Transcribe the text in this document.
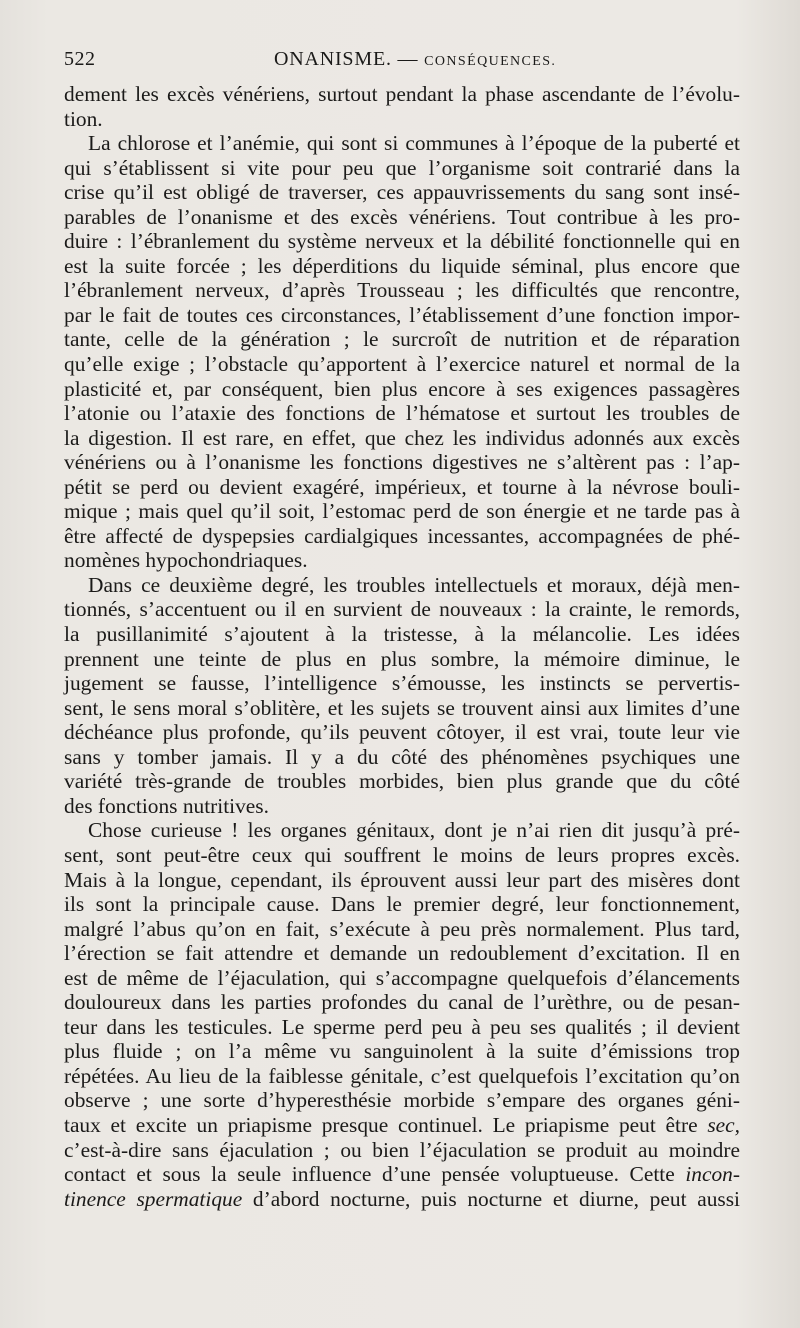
522	ONANISME. — CONSÉQUENCES.
dement les excès vénériens, surtout pendant la phase ascendante de l’évolu-
tion.
La chlorose et l’anémie, qui sont si communes à l’époque de la puberté et
qui s’établissent si vite pour peu que l’organisme soit contrarié dans la
crise qu’il est obligé de traverser, ces appauvrissements du sang sont insé-
parables de l’onanisme et des excès vénériens. Tout contribue à les pro-
duire : l’ébranlement du système nerveux et la débilité fonctionnelle qui en
est la suite forcée ; les déperditions du liquide séminal, plus encore que
l’ébranlement nerveux, d’après Trousseau ; les difficultés que rencontre,
par le fait de toutes ces circonstances, l’établissement d’une fonction impor-
tante, celle de la génération ; le surcroît de nutrition et de réparation
qu’elle exige ; l’obstacle qu’apportent à l’exercice naturel et normal de la
plasticité et, par conséquent, bien plus encore à ses exigences passagères
l’atonie ou l’ataxie des fonctions de l’hématose et surtout les troubles de
la digestion. Il est rare, en effet, que chez les individus adonnés aux excès
vénériens ou à l’onanisme les fonctions digestives ne s’altèrent pas : l’ap-
pétit se perd ou devient exagéré, impérieux, et tourne à la névrose bouli-
mique ; mais quel qu’il soit, l’estomac perd de son énergie et ne tarde pas à
être affecté de dyspepsies cardialgiques incessantes, accompagnées de phé-
nomènes hypochondriaques.
Dans ce deuxième degré, les troubles intellectuels et moraux, déjà men-
tionnés, s’accentuent ou il en survient de nouveaux : la crainte, le remords,
la pusillanimité s’ajoutent à la tristesse, à la mélancolie. Les idées
prennent une teinte de plus en plus sombre, la mémoire diminue, le
jugement se fausse, l’intelligence s’émousse, les instincts se pervertis-
sent, le sens moral s’oblitère, et les sujets se trouvent ainsi aux limites d’une
déchéance plus profonde, qu’ils peuvent côtoyer, il est vrai, toute leur vie
sans y tomber jamais. Il y a du côté des phénomènes psychiques une
variété très-grande de troubles morbides, bien plus grande que du côté
des fonctions nutritives.
Chose curieuse ! les organes génitaux, dont je n’ai rien dit jusqu’à pré-
sent, sont peut-être ceux qui souffrent le moins de leurs propres excès.
Mais à la longue, cependant, ils éprouvent aussi leur part des misères dont
ils sont la principale cause. Dans le premier degré, leur fonctionnement,
malgré l’abus qu’on en fait, s’exécute à peu près normalement. Plus tard,
l’érection se fait attendre et demande un redoublement d’excitation. Il en
est de même de l’éjaculation, qui s’accompagne quelquefois d’élancements
douloureux dans les parties profondes du canal de l’urèthre, ou de pesan-
teur dans les testicules. Le sperme perd peu à peu ses qualités ; il devient
plus fluide ; on l’a même vu sanguinolent à la suite d’émissions trop
répétées. Au lieu de la faiblesse génitale, c’est quelquefois l’excitation qu’on
observe ; une sorte d’hyperesthésie morbide s’empare des organes géni-
taux et excite un priapisme presque continuel. Le priapisme peut être sec,
c’est-à-dire sans éjaculation ; ou bien l’éjaculation se produit au moindre
contact et sous la seule influence d’une pensée voluptueuse. Cette incon-
tinence spermatique d’abord nocturne, puis nocturne et diurne, peut aussi
